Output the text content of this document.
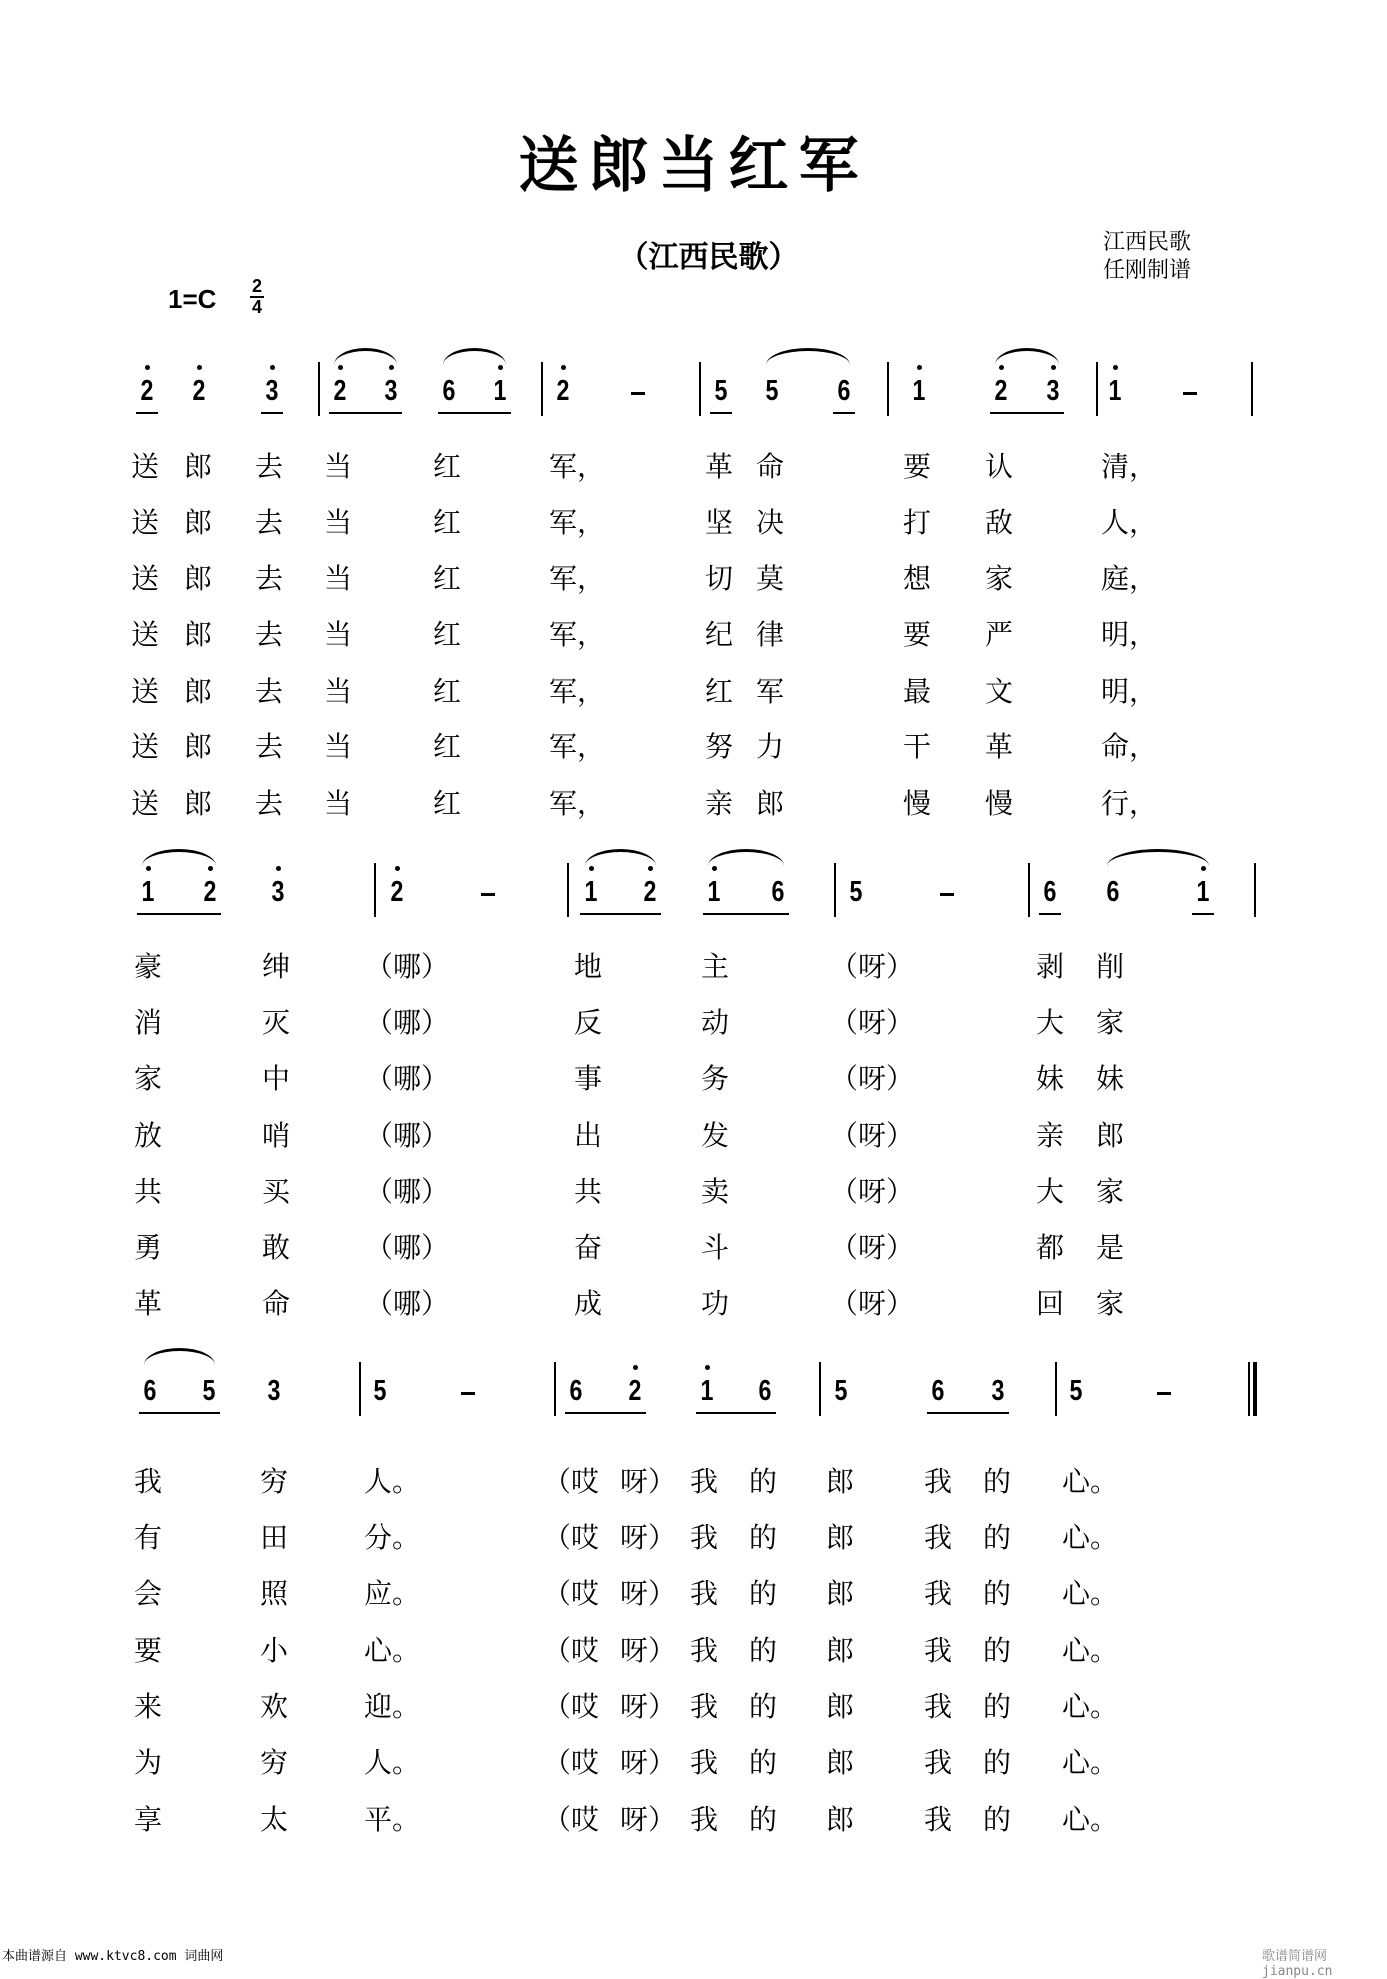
送郎当红军
（江西民歌）	江西民歌
任刚制谱
1=C 2
4
2 2 3 2 3 6 1 2	5 5 6 1 2 3 1
送 郎 去 当	红	军，	革 命	要 认	清，
送 郎 去 当	红	军，	坚 决	打 敌	人，
送 郎 去 当	红	军，	切 莫	想 家	庭，
送 郎 去 当	红	军，	纪 律	要 严	明，
送 郎 去 当	红	军，	红 军	最 文	明，
送 郎 去 当	红	军，	努 力	干 革	命，
送 郎 去 当	红	军，	亲 郎	慢 慢	行，
1 2 3	2	1 2 1 6 5	6 6	1
豪	绅	（哪）	地	主	（呀）	剥 削
消	灭	（哪）	反	动	（呀）	大 家
家	中	（哪）	事	务	（呀）	妹 妹
放	哨	（哪）	出	发	（呀）	亲 郎
共	买	（哪）	共	卖	（呀）	大 家
勇	敢	（哪）	奋	斗	（呀）	都 是
革	命	（哪）	成	功	（呀）	回 家
6 5 3	5	6 2 1 6 5	6 3 5
我	穷	人。	（哎 呀） 我 的 郎 我 的 心。
有	田	分。	（哎 呀） 我 的 郎 我 的 心。
会	照	应。	（哎 呀） 我 的 郎 我 的 心。
要	小	心。	（哎 呀） 我 的 郎 我 的 心。
来	欢	迎。	（哎 呀） 我 的 郎 我 的 心。
为	穷	人。	（哎 呀） 我 的 郎 我 的 心。
享	太	平。	（哎 呀） 我 的 郎 我 的 心。
本曲谱源自 www.ktvc8.com 词曲网	歌谱简谱网 jianpu.cn
